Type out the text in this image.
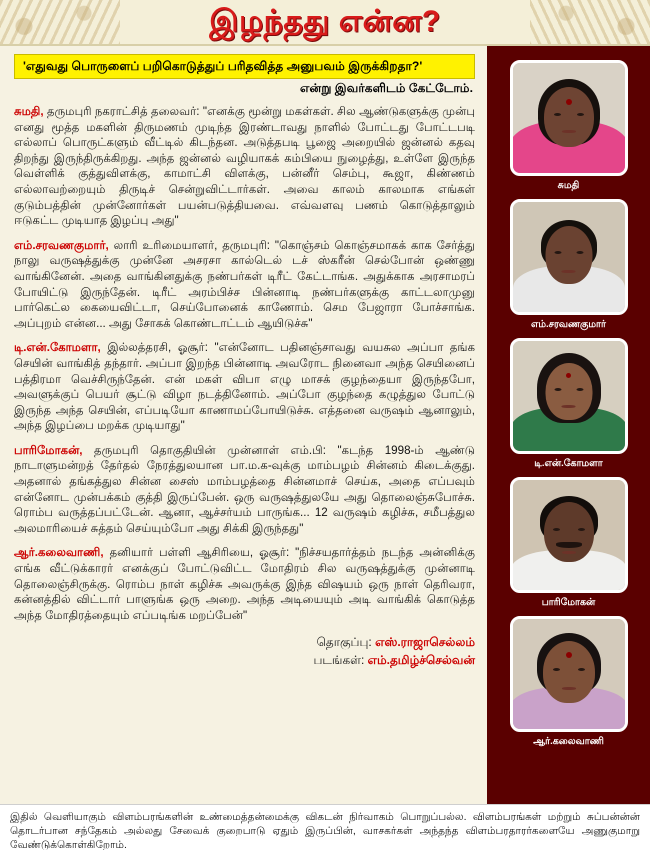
இழந்தது என்ன?
'எதுவது பொருளைப் பறிகொடுத்துப் பரிதவித்த அனுபவம் இருக்கிறதா?'
என்று இவர்களிடம் கேட்டோம்.
சுமதி, தருமபுரி நகராட்சித் தலைவர்: "எனக்கு மூன்று மகள்கள். சில ஆண்டுகளுக்கு முன்பு எனது மூத்த மகளின் திருமணம் முடிந்த இரண்டாவது நாளில் போட்டது போட்டபடி எல்லாப் பொருட்களும் வீட்டில் கிடந்தன. அடுத்தபடி பூஜை அறையில் ஜன்னல் கதவு திறந்து இருந்திருக்கிறது. அந்த ஜன்னல் வழியாகக் கம்பியை நுழைத்து, உள்ளே இருந்த வெள்ளிக் குத்துவிளக்கு, காமாட்சி விளக்கு, பன்னீர் செம்பு, கூஜா, கிண்ணம் எல்லாவற்றையும் திருடிச் சென்றுவிட்டார்கள். அவை காலம் காலமாக எங்கள் குடும்பத்தின் முன்னோர்கள் பயன்படுத்தியவை. எவ்வளவு பணம் கொடுத்தாலும் ஈடுகட்ட முடியாத இழப்பு அது"
எம்.சரவணகுமார், லாரி உரிமையாளர், தருமபுரி: "கொஞ்சம் கொஞ்சமாகக் காக சேர்த்து நாலு வருஷத்துக்கு முன்னே அசரசா கால்டெல் டச் ஸ்கரீன் செல்போன் ஒண்ணு வாங்கினேன். அதை வாங்கினதுக்கு நண்பர்கள் டிரீட் கேட்டாங்க. அதுக்காக அரசாமரப் போயிட்டு இருந்தேன். டிரீட் அரம்பிச்ச பின்னாடி நண்பர்களுக்கு காட்டலாமுனு பார்கெட்ல கையைவிட்டா, செய்போனைக் காணோம். செம பேஜாரா போச்சாங்க. அப்புறம் என்ன... அது சோகக் கொண்டாட்டம் ஆயிடுச்சு"
டி.என்.கோமளா, இல்லத்தரசி, ஓசூர்: "என்னோட பதினஞ்சாவது வயசுல அப்பா தங்க செயின் வாங்கித் தந்தார். அப்பா இறந்த பின்னாடி அவரோட நினைவா அந்த செயினைப் பத்திரமா வெச்சிருந்தேன். என் மகள் விபா எழு மாசக் குழந்தையா இருந்தபோ, அவளுக்குப் பெயர் சூட்டு விழா நடத்தினோம். அப்போ குழந்தை கழுத்துல போட்டு இருந்த அந்த செயின், எப்படியோ காணாமப்போயிடுச்சு. எத்தனை வருஷம் ஆனாலும், அந்த இழப்பை மறக்க முடியாது"
பாரிமோகன், தருமபுரி தொகுதியின் முன்னாள் எம்.பி: "கடந்த 1998-ம் ஆண்டு நாடாளுமன்றத் தேர்தல் நேரத்துலயான பா.ம.க-வுக்கு மாம்பழம் சின்னம் கிடைக்குது. அதனால் தங்கத்துல சின்ன சைஸ் மாம்பழத்தை சின்னமாச் செய்க, அதை எப்பவும் என்னோட முன்பக்கம் குத்தி இருப்பேன். ஒரு வருஷத்துலயே அது தொலைஞ்சுபோச்சு. ரொம்ப வருத்தப்பட்டேன். ஆனா, ஆச்சர்யம் பாருங்க... 12 வருஷம் கழிச்சு, சமீபத்துல அலமாரியைச் சுத்தம் செய்யும்போ அது சிக்கி இருந்தது"
ஆர்.கலைவாணி, தனியார் பள்ளி ஆசிரியை, ஓசூர்: "நிச்சயதார்த்தம் நடந்த அன்னிக்கு எங்க வீட்டுக்காரர் எனக்குப் போட்டுவிட்ட மோதிரம் சில வருஷத்துக்கு முன்னாடி தொலைஞ்சிருக்கு. ரொம்ப நாள் கழிச்சு அவருக்கு இந்த விஷயம் ஒரு நாள் தெரிவரா, கன்னத்தில் விட்டார் பாளுங்க ஒரு அறை. அந்த அடியையும் அடி வாங்கிக் கொடுத்த அந்த மோதிரத்தையும் எப்படிங்க மறப்பேன்"
தொகுப்பு: எஸ்.ராஜாசெல்லம்
படங்கள்: எம்.தமிழ்ச்செல்வன்
சுமதி
எம்.சரவணகுமார்
டி.என்.கோமளா
பாரிமோகன்
ஆர்.கலைவாணி
இதில் வெளியாகும் விளம்பரங்களின் உண்மைத்தன்மைக்கு விகடன் நிர்வாகம் பொறுப்பல்ல. விளம்பரங்கள் மற்றும் சுப்பன்ன்ன் தொடர்பான சந்தேகம் அல்லது சேவைக் குறைபாடு ஏதும் இருப்பின், வாசகர்கள் அந்தந்த விளம்பரதாரர்களையே அணுகுமாறு வேண்டுக்கொள்கிறோம்.
